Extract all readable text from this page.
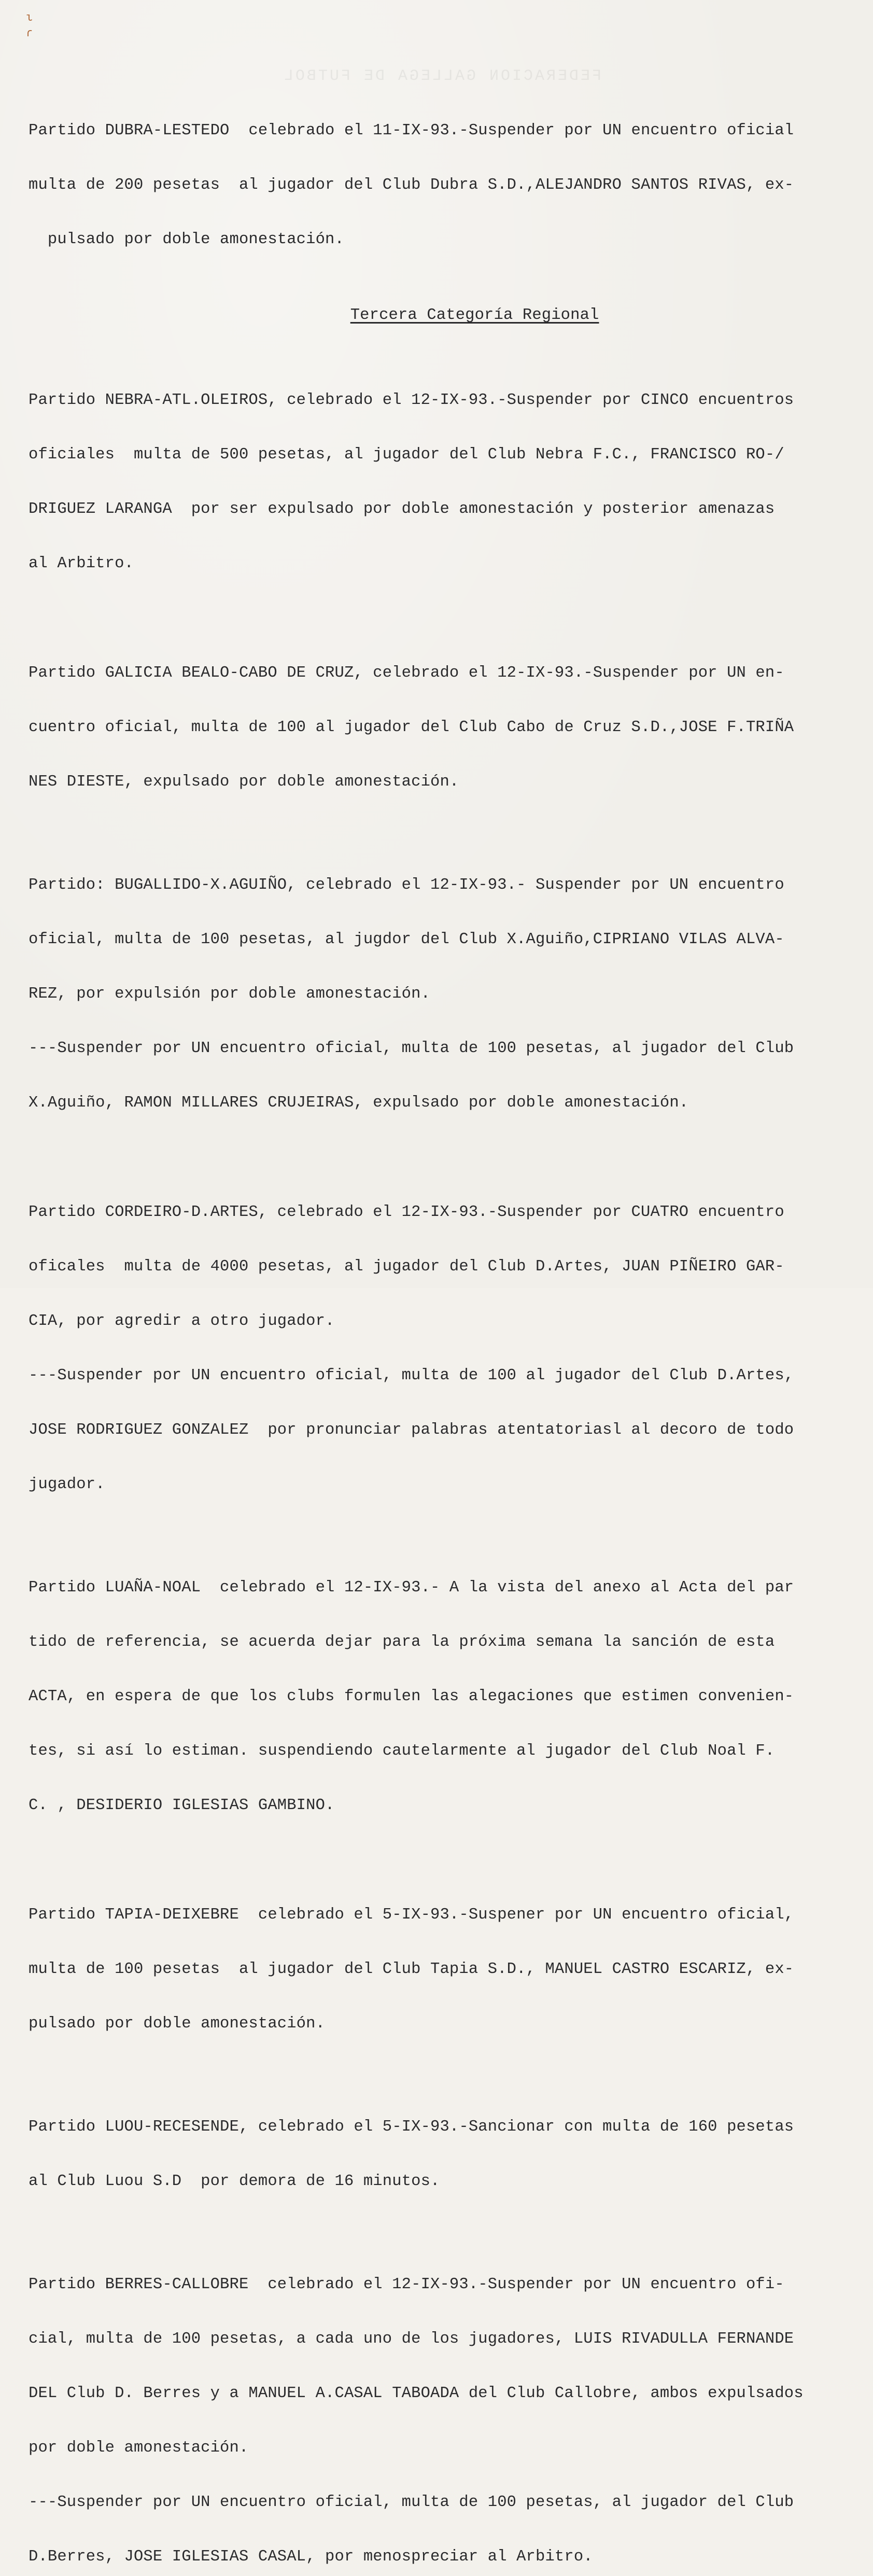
ι
ɾ
FEDERACION GALLEGA DE FUTBOL

Partido DUBRA-LESTEDO  celebrado el 11-IX-93.-Suspender por UN encuentro oficial

multa de 200 pesetas  al jugador del Club Dubra S.D.,ALEJANDRO SANTOS RIVAS, ex-

pulsado por doble amonestación.

Tercera Categoría Regional

Partido NEBRA-ATL.OLEIROS, celebrado el 12-IX-93.-Suspender por CINCO encuentros

oficiales  multa de 500 pesetas, al jugador del Club Nebra F.C., FRANCISCO RO-/

DRIGUEZ LARANGA  por ser expulsado por doble amonestación y posterior amenazas

al Arbitro.

Partido GALICIA BEALO-CABO DE CRUZ, celebrado el 12-IX-93.-Suspender por UN en-

cuentro oficial, multa de 100 al jugador del Club Cabo de Cruz S.D.,JOSE F.TRIÑA

NES DIESTE, expulsado por doble amonestación.

Partido: BUGALLIDO-X.AGUIÑO, celebrado el 12-IX-93.- Suspender por UN encuentro

oficial, multa de 100 pesetas, al jugdor del Club X.Aguiño,CIPRIANO VILAS ALVA-

REZ, por expulsión por doble amonestación.

---Suspender por UN encuentro oficial, multa de 100 pesetas, al jugador del Club

X.Aguiño, RAMON MILLARES CRUJEIRAS, expulsado por doble amonestación.

Partido CORDEIRO-D.ARTES, celebrado el 12-IX-93.-Suspender por CUATRO encuentro

oficales  multa de 4000 pesetas, al jugador del Club D.Artes, JUAN PIÑEIRO GAR-

CIA, por agredir a otro jugador.

---Suspender por UN encuentro oficial, multa de 100 al jugador del Club D.Artes,

JOSE RODRIGUEZ GONZALEZ  por pronunciar palabras atentatoriasl al decoro de todo

jugador.

Partido LUAÑA-NOAL  celebrado el 12-IX-93.- A la vista del anexo al Acta del par

tido de referencia, se acuerda dejar para la próxima semana la sanción de esta

ACTA, en espera de que los clubs formulen las alegaciones que estimen convenien-

tes, si así lo estiman. suspendiendo cautelarmente al jugador del Club Noal F.

C. , DESIDERIO IGLESIAS GAMBINO.

Partido TAPIA-DEIXEBRE  celebrado el 5-IX-93.-Suspener por UN encuentro oficial,

multa de 100 pesetas  al jugador del Club Tapia S.D., MANUEL CASTRO ESCARIZ, ex-

pulsado por doble amonestación.

Partido LUOU-RECESENDE, celebrado el 5-IX-93.-Sancionar con multa de 160 pesetas

al Club Luou S.D  por demora de 16 minutos.

Partido BERRES-CALLOBRE  celebrado el 12-IX-93.-Suspender por UN encuentro ofi-

cial, multa de 100 pesetas, a cada uno de los jugadores, LUIS RIVADULLA FERNANDE

DEL Club D. Berres y a MANUEL A.CASAL TABOADA del Club Callobre, ambos expulsados

por doble amonestación.

---Suspender por UN encuentro oficial, multa de 100 pesetas, al jugador del Club

D.Berres, JOSE IGLESIAS CASAL, por menospreciar al Arbitro.
